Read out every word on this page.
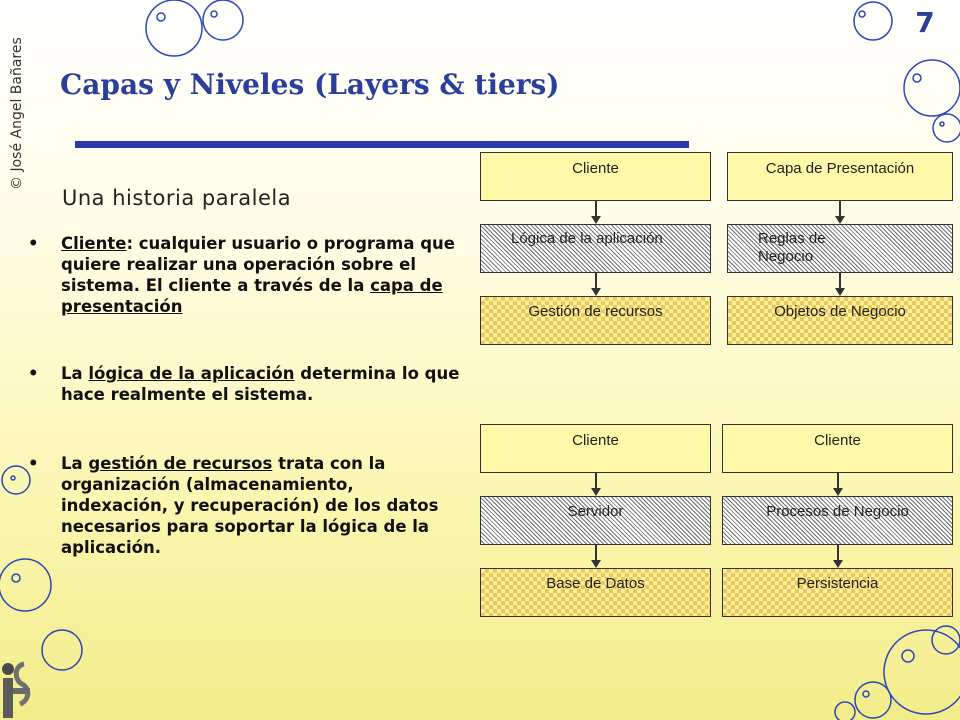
© José Angel Bañares
7
Capas y Niveles (Layers & tiers)
Una historia paralela
•	Cliente: cualquier usuario o programa que quiere realizar una operación sobre el sistema. El cliente a través de la capa de presentación
•	La lógica de la aplicación determina lo que hace realmente el sistema.
•	La gestión de recursos trata con la organización (almacenamiento, indexación, y recuperación) de los datos necesarios para soportar la lógica de la aplicación.
Cliente
Lógica de la aplicación
Gestión de recursos
Capa de Presentación
Reglas de Negocio
Objetos de Negocio
Cliente
Servidor
Base de Datos
Cliente
Procesos de Negocio
Persistencia
